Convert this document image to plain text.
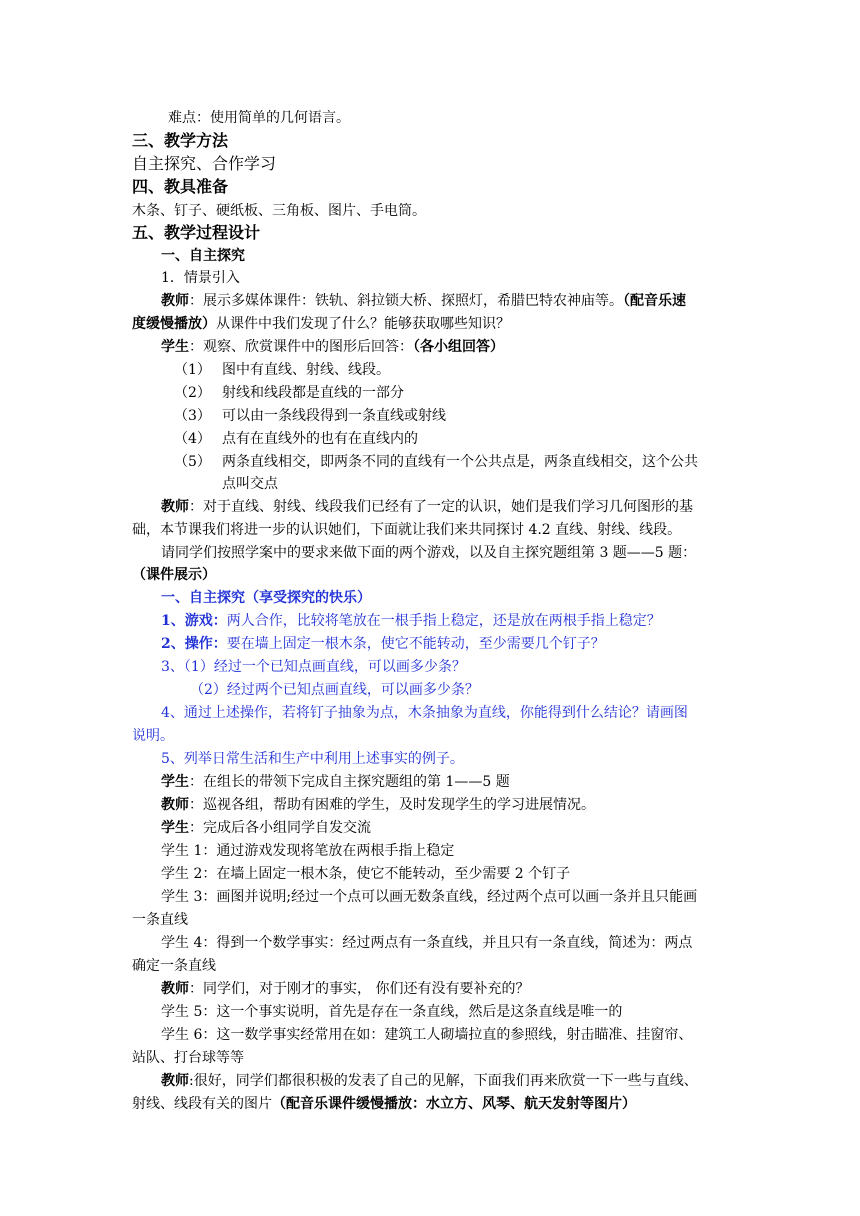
难点：使用简单的几何语言。
三、教学方法
自主探究、合作学习
四、教具准备
木条、钉子、硬纸板、三角板、图片、手电筒。
五、教学过程设计
一、自主探究
1．情景引入
教师：展示多媒体课件：铁轨、斜拉锁大桥、探照灯，希腊巴特农神庙等。（配音乐速
度缓慢播放）从课件中我们发现了什么？能够获取哪些知识？
学生：观察、欣赏课件中的图形后回答：（各小组回答）
（1） 图中有直线、射线、线段。
（2） 射线和线段都是直线的一部分
（3） 可以由一条线段得到一条直线或射线
（4） 点有在直线外的也有在直线内的
（5） 两条直线相交，即两条不同的直线有一个公共点是，两条直线相交，这个公共
点叫交点
教师：对于直线、射线、线段我们已经有了一定的认识，她们是我们学习几何图形的基
础，本节课我们将进一步的认识她们，下面就让我们来共同探讨 4.2 直线、射线、线段。
请同学们按照学案中的要求来做下面的两个游戏，以及自主探究题组第 3 题——5 题：
（课件展示）
一、自主探究（享受探究的快乐）
1、游戏：两人合作，比较将笔放在一根手指上稳定，还是放在两根手指上稳定？
2、操作：要在墙上固定一根木条，使它不能转动，至少需要几个钉子？
3、（1）经过一个已知点画直线，可以画多少条？
（2）经过两个已知点画直线，可以画多少条？
4、通过上述操作，若将钉子抽象为点，木条抽象为直线，你能得到什么结论？请画图
说明。
5、列举日常生活和生产中利用上述事实的例子。
学生：在组长的带领下完成自主探究题组的第 1——5 题
教师：巡视各组，帮助有困难的学生，及时发现学生的学习进展情况。
学生：完成后各小组同学自发交流
学生 1：通过游戏发现将笔放在两根手指上稳定
学生 2：在墙上固定一根木条，使它不能转动，至少需要 2 个钉子
学生 3：画图并说明;经过一个点可以画无数条直线，经过两个点可以画一条并且只能画
一条直线
学生 4：得到一个数学事实：经过两点有一条直线，并且只有一条直线，简述为：两点
确定一条直线
教师：同学们，对于刚才的事实， 你们还有没有要补充的？
学生 5：这一个事实说明，首先是存在一条直线，然后是这条直线是唯一的
学生 6：这一数学事实经常用在如：建筑工人砌墙拉直的参照线，射击瞄准、挂窗帘、
站队、打台球等等
教师:很好，同学们都很积极的发表了自己的见解，下面我们再来欣赏一下一些与直线、
射线、线段有关的图片（配音乐课件缓慢播放：水立方、风琴、航天发射等图片）
